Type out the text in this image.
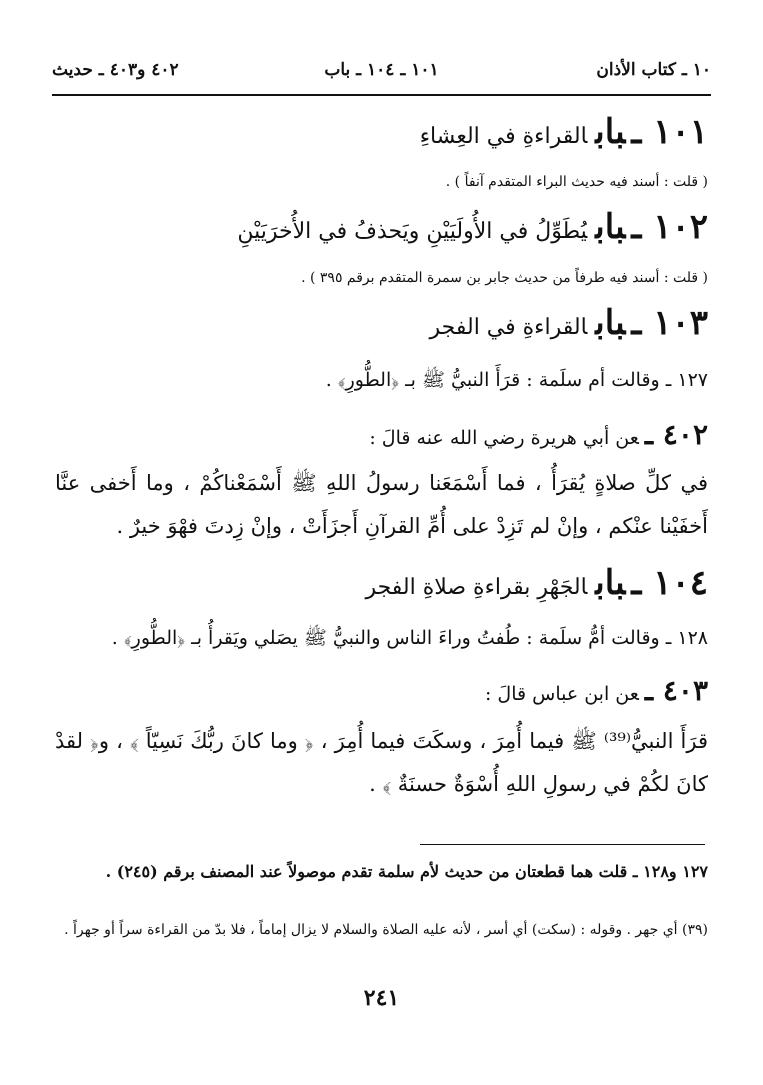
١٠ ـ كتاب الأذان
١٠١ ـ ١٠٤ ـ باب
٤٠٢ و٤٠٣ ـ حديث
١٠١ ـبابالقراءةِ في العِشاءِ
( قلت : أسند فيه حديث البراء المتقدم آنفاً ) .
١٠٢ ـبابيُطَوِّلُ في الأُولَيَيْنِ ويَحذفُ في الأُخرَيَيْنِ
( قلت : أسند فيه طرفاً من حديث جابر بن سمرة المتقدم برقم ٣٩٥ ) .
١٠٣ ـبابالقراءةِ في الفجر
١٢٧ ـ وقالت أم سلَمة : قرَأَ النبيُّ ﷺ بـ ﴿الطُّورِ﴾ .
٤٠٢ ـعن أبي هريرة رضي الله عنه قالَ :
في كلِّ صلاةٍ يُقرَأُ ، فما أَسْمَعَنا رسولُ اللهِ ﷺ أَسْمَعْناكُمْ ، وما أَخفى عنَّا أَخفَيْنا عنْكم ، وإنْ لم تَزِدْ على أُمِّ القرآنِ أَجزَأَتْ ، وإنْ زِدتَ فهْوَ خيرٌ .
١٠٤ ـبابالجَهْرِ بقراءةِ صلاةِ الفجر
١٢٨ ـ وقالت أمُّ سلَمة : طُفتُ وراءَ الناس والنبيُّ ﷺ يصَلي ويَقرأُ بـ ﴿الطُّورِ﴾ .
٤٠٣ ـعن ابن عباس قالَ :
قرَأَ النبيُّ⁽³⁹⁾ ﷺ فيما أُمِرَ ، وسكَتَ فيما أُمِرَ ، ﴿ وما كانَ ربُّكَ نَسِيّاً ﴾ ، و﴿ لقدْ كانَ لكُمْ في رسولِ اللهِ أُسْوَةٌ حسنَةٌ ﴾ .
١٢٧ و١٢٨ ـ قلت هما قطعتان من حديث لأم سلمة تقدم موصولاً عند المصنف برقم (٢٤٥) .
(٣٩) أي جهر . وقوله : (سكت) أي أسر ، لأنه عليه الصلاة والسلام لا يزال إماماً ، فلا بدّ من القراءة سراً أو جهراً .
٢٤١
